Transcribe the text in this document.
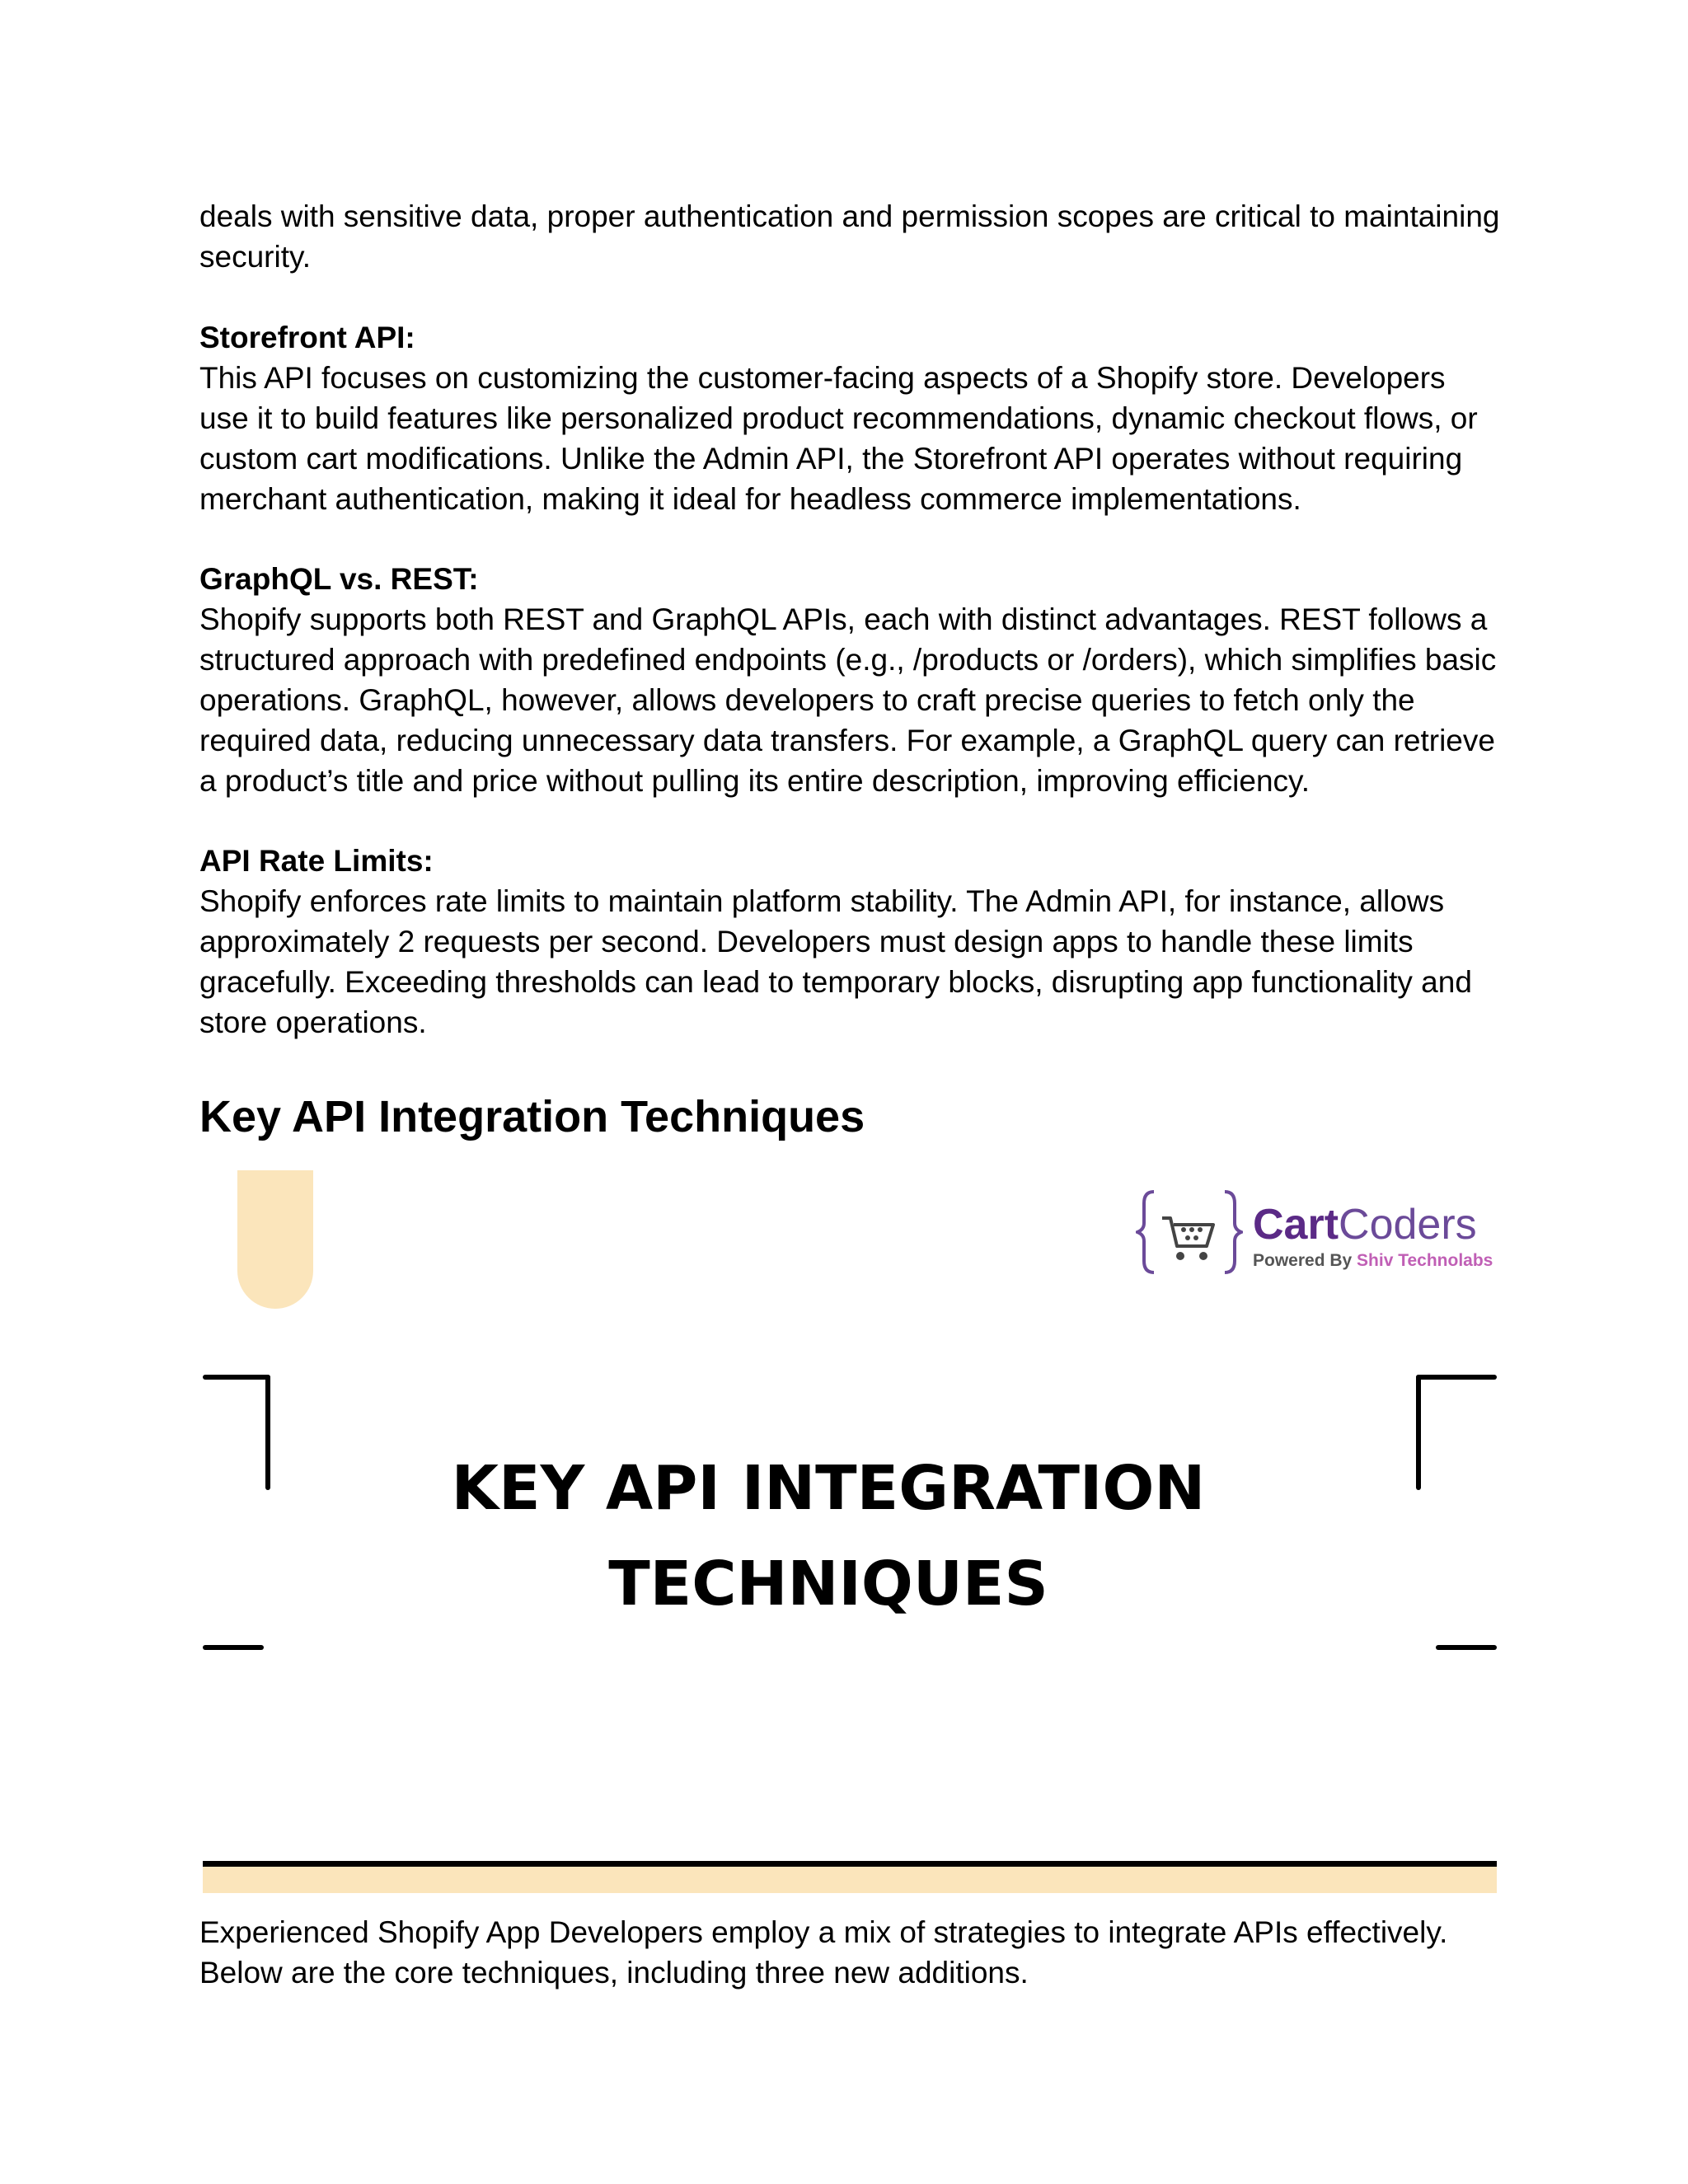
deals with sensitive data, proper authentication and permission scopes are critical to maintaining security.

Storefront API:

This API focuses on customizing the customer-facing aspects of a Shopify store. Developers use it to build features like personalized product recommendations, dynamic checkout flows, or custom cart modifications. Unlike the Admin API, the Storefront API operates without requiring merchant authentication, making it ideal for headless commerce implementations.

GraphQL vs. REST:

Shopify supports both REST and GraphQL APIs, each with distinct advantages. REST follows a structured approach with predefined endpoints (e.g., /products or /orders), which simplifies basic operations. GraphQL, however, allows developers to craft precise queries to fetch only the required data, reducing unnecessary data transfers. For example, a GraphQL query can retrieve a product’s title and price without pulling its entire description, improving efficiency.

API Rate Limits:

Shopify enforces rate limits to maintain platform stability. The Admin API, for instance, allows approximately 2 requests per second. Developers must design apps to handle these limits gracefully. Exceeding thresholds can lead to temporary blocks, disrupting app functionality and store operations.

Key API Integration Techniques
CartCoders
Powered By Shiv Technolabs
KEY API INTEGRATION
TECHNIQUES

Experienced Shopify App Developers employ a mix of strategies to integrate APIs effectively. Below are the core techniques, including three new additions.
